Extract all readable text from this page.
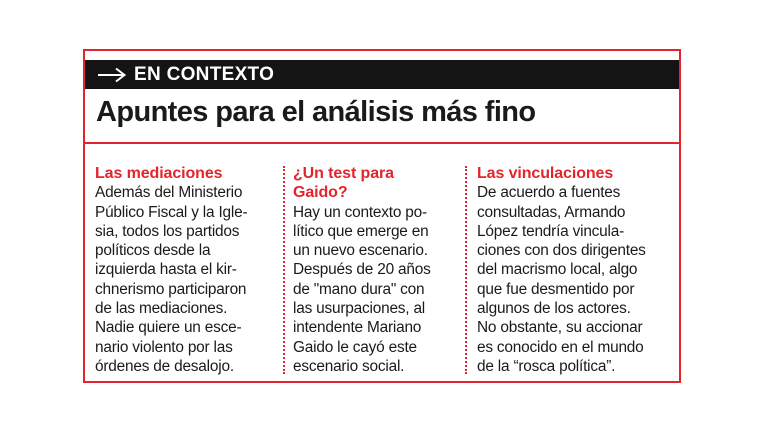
EN CONTEXTO
Apuntes para el análisis más fino
Las mediaciones
Además del Ministerio
Público Fiscal y la Igle-
sia, todos los partidos
políticos desde la
izquierda hasta el kir-
chnerismo participaron
de las mediaciones.
Nadie quiere un esce-
nario violento por las
órdenes de desalojo.
¿Un test para
Gaido?
Hay un contexto po-
lítico que emerge en
un nuevo escenario.
Después de 20 años
de "mano dura" con
las usurpaciones, al
intendente Mariano
Gaido le cayó este
escenario social.
Las vinculaciones
De acuerdo a fuentes
consultadas, Armando
López tendría vincula-
ciones con dos dirigentes
del macrismo local, algo
que fue desmentido por
algunos de los actores.
No obstante, su accionar
es conocido en el mundo
de la “rosca política”.
